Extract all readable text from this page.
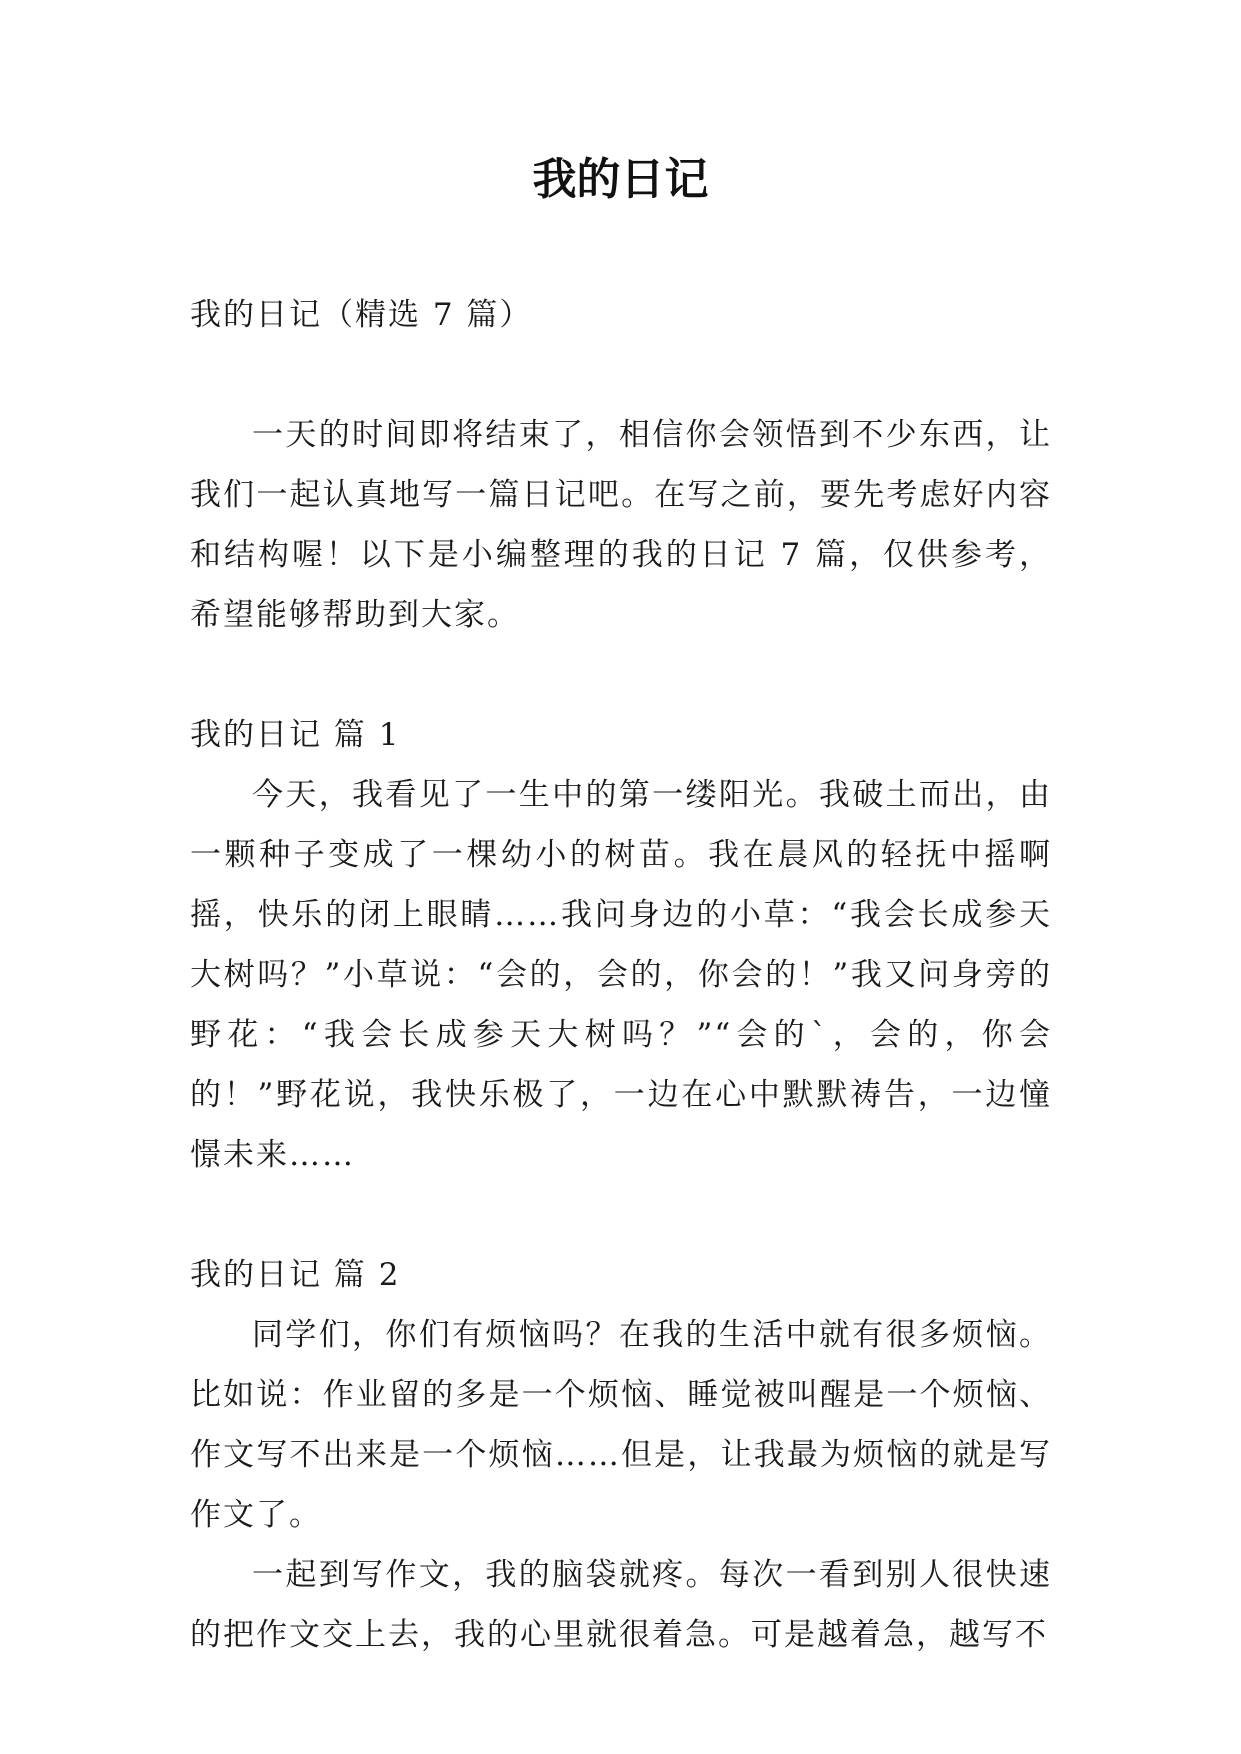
我的日记

我的日记（精选 7 篇）

一天的时间即将结束了，相信你会领悟到不少东西，让我们一起认真地写一篇日记吧。在写之前，要先考虑好内容和结构喔！以下是小编整理的我的日记 7 篇，仅供参考，希望能够帮助到大家。

我的日记 篇 1

今天，我看见了一生中的第一缕阳光。我破土而出，由一颗种子变成了一棵幼小的树苗。我在晨风的轻抚中摇啊摇，快乐的闭上眼睛……我问身边的小草：“我会长成参天大树吗？”小草说：“会的，会的，你会的！”我又问身旁的野花：“我会长成参天大树吗？”“会的`，会的，你会的！”野花说，我快乐极了，一边在心中默默祷告，一边憧憬未来……

我的日记 篇 2

同学们，你们有烦恼吗？在我的生活中就有很多烦恼。比如说：作业留的多是一个烦恼、睡觉被叫醒是一个烦恼、作文写不出来是一个烦恼……但是，让我最为烦恼的就是写作文了。

一起到写作文，我的脑袋就疼。每次一看到别人很快速的把作文交上去，我的心里就很着急。可是越着急，越写不
